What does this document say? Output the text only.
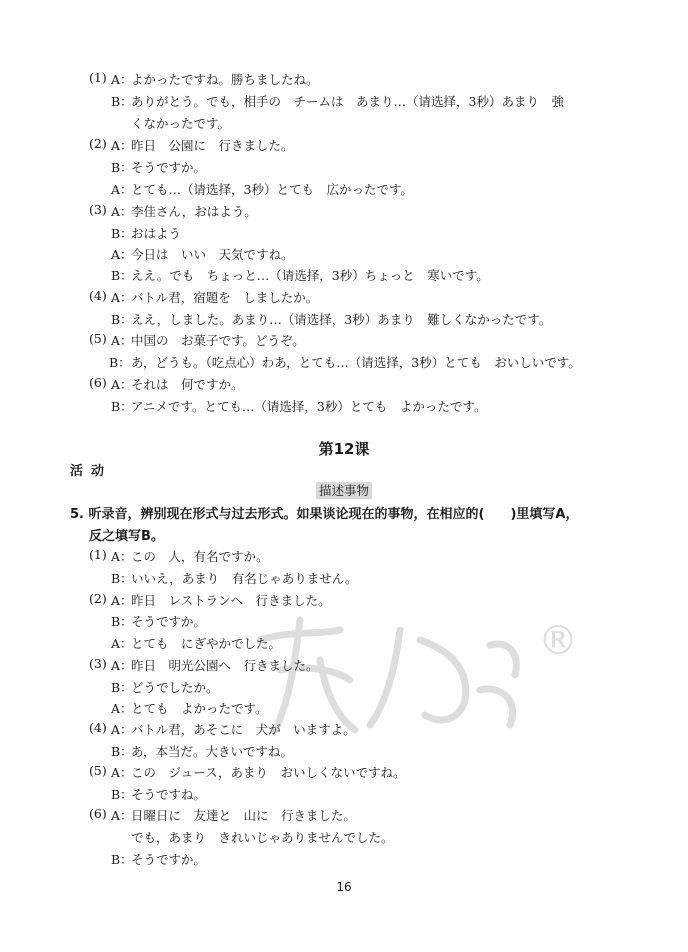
®
(1) A：
よかったですね。勝ちましたね。
B：
ありがとう。でも，相手の　チームは　あまり…（请选择，3秒）あまり　強
くなかったです。
(2) A：
昨日　公園に　行きました。
B：
そうですか。
A：
とても…（请选择，3秒）とても　広かったです。
(3) A：
李佳さん，おはよう。
B：
おはよう
A：
今日は　いい　天気ですね。
B：
ええ。でも　ちょっと…（请选择，3秒）ちょっと　寒いです。
(4) A：
バトル君，宿題を　しましたか。
B：
ええ，しました。あまり…（请选择，3秒）あまり　難しくなかったです。
(5) A：
中国の　お菓子です。どうぞ。
B： あ，どうも。（吃点心）わあ，とても…（请选择，3秒）とても　おいしいです。
(6) A：
それは　何ですか。
B：
アニメです。とても…（请选择，3秒）とても　よかったです。
第12课
活动
描述事物
5. 听录音，辨别现在形式与过去形式。如果谈论现在的事物，在相应的(　　)里填写A，
反之填写B。
(1) A：
この　人，有名ですか。
B：
いいえ，あまり　有名じゃありません。
(2) A：
昨日　レストランへ　行きました。
B：
そうですか。
A：
とても　にぎやかでした。
(3) A：
昨日　明光公園へ　行きました。
B：
どうでしたか。
A：
とても　よかったです。
(4) A：
バトル君，あそこに　犬が　いますよ。
B：
あ，本当だ。大きいですね。
(5) A：
この　ジュース，あまり　おいしくないですね。
B：
そうですね。
(6) A：
日曜日に　友達と　山に　行きました。
でも，あまり　きれいじゃありませんでした。
B：
そうですか。
16
